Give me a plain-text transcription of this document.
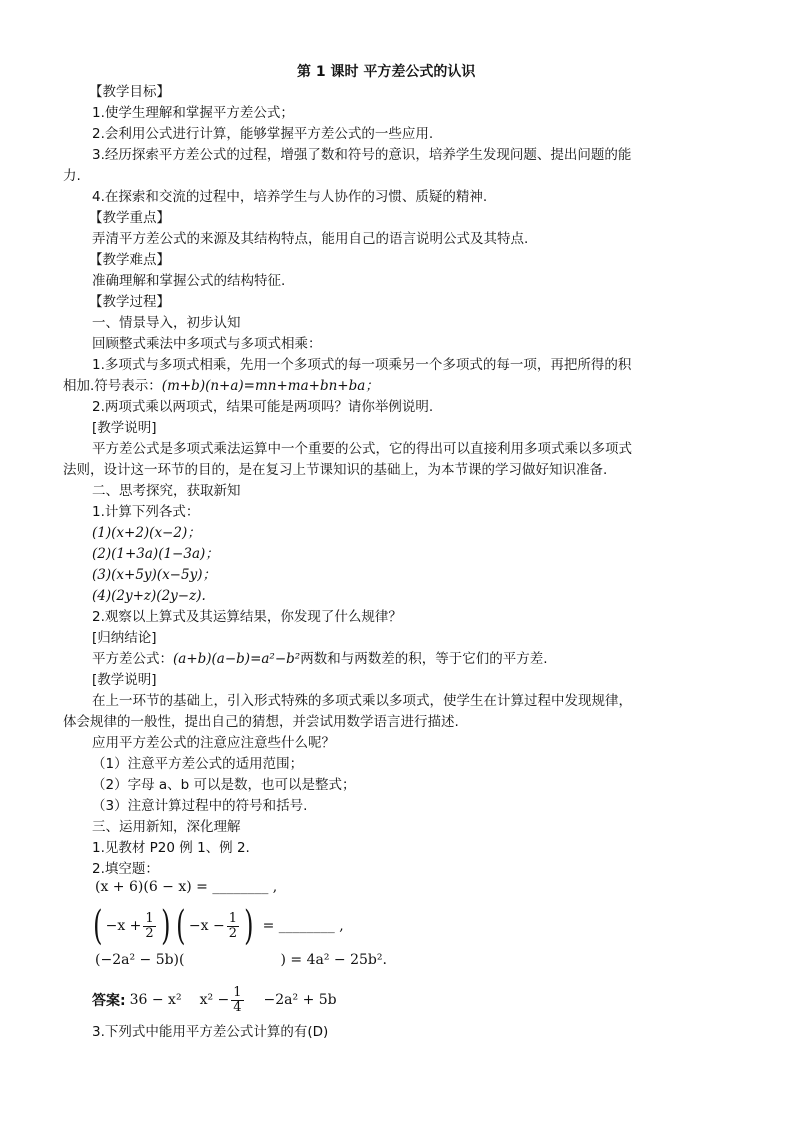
第 1 课时 平方差公式的认识
【教学目标】
1.使学生理解和掌握平方差公式；
2.会利用公式进行计算，能够掌握平方差公式的一些应用.
3.经历探索平方差公式的过程，增强了数和符号的意识，培养学生发现问题、提出问题的能
力.
4.在探索和交流的过程中，培养学生与人协作的习惯、质疑的精神.
【教学重点】
弄清平方差公式的来源及其结构特点，能用自己的语言说明公式及其特点.
【教学难点】
准确理解和掌握公式的结构特征.
【教学过程】
一、情景导入，初步认知
回顾整式乘法中多项式与多项式相乘：
1.多项式与多项式相乘，先用一个多项式的每一项乘另一个多项式的每一项，再把所得的积
相加.符号表示：(m+b)(n+a)=mn+ma+bn+ba；
2.两项式乘以两项式，结果可能是两项吗？请你举例说明.
[教学说明]
平方差公式是多项式乘法运算中一个重要的公式，它的得出可以直接利用多项式乘以多项式
法则，设计这一环节的目的，是在复习上节课知识的基础上，为本节课的学习做好知识准备.
二、思考探究，获取新知
1.计算下列各式：
(1)(x+2)(x−2)；
(2)(1+3a)(1−3a)；
(3)(x+5y)(x−5y)；
(4)(2y+z)(2y−z).
2.观察以上算式及其运算结果，你发现了什么规律？
[归纳结论]
平方差公式：(a+b)(a−b)=a²−b²两数和与两数差的积，等于它们的平方差.
[教学说明]
在上一环节的基础上，引入形式特殊的多项式乘以多项式，使学生在计算过程中发现规律，
体会规律的一般性，提出自己的猜想，并尝试用数学语言进行描述.
应用平方差公式的注意应注意些什么呢？
（1）注意平方差公式的适用范围；
（2）字母 a、b 可以是数，也可以是整式；
（3）注意计算过程中的符号和括号.
三、运用新知，深化理解
1.见教材 P20 例 1、例 2.
2.填空题：
(x + 6)(6 − x) = ________ ,
( $-x + \frac{1}{2}$ ) ( $-x - \frac{1}{2}$ ) = ________ ,
(−2a² − 5b)(	) = 4a² − 25b².
答案: 36 − x² $x^2 - \frac{1}{4} -2a^2 + 5b$
3.下列式中能用平方差公式计算的有(D)
